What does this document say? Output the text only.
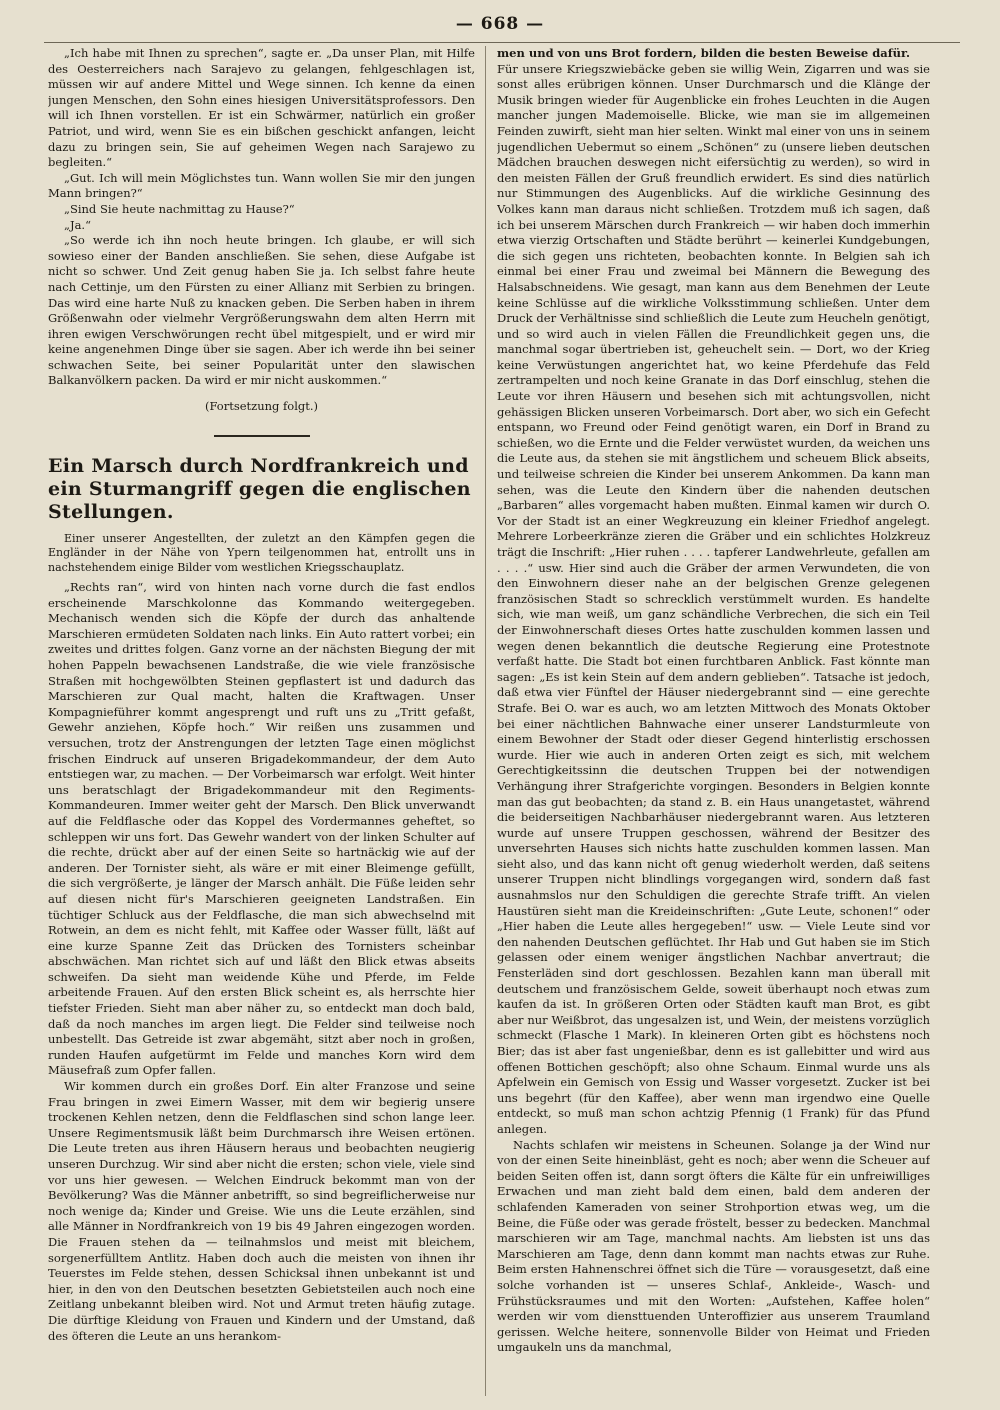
— 668 —

„Ich habe mit Ihnen zu sprechen“, sagte er. „Da unser Plan, mit Hilfe des Oesterreichers nach Sarajevo zu gelangen, fehlgeschlagen ist, müssen wir auf andere Mittel und Wege sinnen. Ich kenne da einen jungen Menschen, den Sohn eines hiesigen Universitätsprofessors. Den will ich Ihnen vorstellen. Er ist ein Schwärmer, natürlich ein großer Patriot, und wird, wenn Sie es ein bißchen geschickt anfangen, leicht dazu zu bringen sein, Sie auf geheimen Wegen nach Sarajewo zu begleiten.“

„Gut. Ich will mein Möglichstes tun. Wann wollen Sie mir den jungen Mann bringen?“

„Sind Sie heute nachmittag zu Hause?“

„Ja.“

„So werde ich ihn noch heute bringen. Ich glaube, er will sich sowieso einer der Banden anschließen. Sie sehen, diese Aufgabe ist nicht so schwer. Und Zeit genug haben Sie ja. Ich selbst fahre heute nach Cettinje, um den Fürsten zu einer Allianz mit Serbien zu bringen. Das wird eine harte Nuß zu knacken geben. Die Serben haben in ihrem Größenwahn oder vielmehr Vergrößerungswahn dem alten Herrn mit ihren ewigen Verschwörungen recht übel mitgespielt, und er wird mir keine angenehmen Dinge über sie sagen. Aber ich werde ihn bei seiner schwachen Seite, bei seiner Popularität unter den slawischen Balkanvölkern packen. Da wird er mir nicht auskommen.“

(Fortsetzung folgt.)

Ein Marsch durch Nordfrankreich und ein Sturmangriff gegen die englischen Stellungen.

Einer unserer Angestellten, der zuletzt an den Kämpfen gegen die Engländer in der Nähe von Ypern teilgenommen hat, entrollt uns in nachstehendem einige Bilder vom westlichen Kriegsschauplatz.

„Rechts ran“, wird von hinten nach vorne durch die fast endlos erscheinende Marschkolonne das Kommando weitergegeben. Mechanisch wenden sich die Köpfe der durch das anhaltende Marschieren ermüdeten Soldaten nach links. Ein Auto rattert vorbei; ein zweites und drittes folgen. Ganz vorne an der nächsten Biegung der mit hohen Pappeln bewachsenen Landstraße, die wie viele französische Straßen mit hochgewölbten Steinen gepflastert ist und dadurch das Marschieren zur Qual macht, halten die Kraftwagen. Unser Kompagnieführer kommt angesprengt und ruft uns zu „Tritt gefaßt, Gewehr anziehen, Köpfe hoch.“ Wir reißen uns zusammen und versuchen, trotz der Anstrengungen der letzten Tage einen möglichst frischen Eindruck auf unseren Brigadekommandeur, der dem Auto entstiegen war, zu machen. — Der Vorbeimarsch war erfolgt. Weit hinter uns beratschlagt der Brigadekommandeur mit den Regiments-Kommandeuren. Immer weiter geht der Marsch. Den Blick unverwandt auf die Feldflasche oder das Koppel des Vordermannes geheftet, so schleppen wir uns fort. Das Gewehr wandert von der linken Schulter auf die rechte, drückt aber auf der einen Seite so hartnäckig wie auf der anderen. Der Tornister sieht, als wäre er mit einer Bleimenge gefüllt, die sich vergrößerte, je länger der Marsch anhält. Die Füße leiden sehr auf diesen nicht für's Marschieren geeigneten Landstraßen. Ein tüchtiger Schluck aus der Feldflasche, die man sich abwechselnd mit Rotwein, an dem es nicht fehlt, mit Kaffee oder Wasser füllt, läßt auf eine kurze Spanne Zeit das Drücken des Tornisters scheinbar abschwächen. Man richtet sich auf und läßt den Blick etwas abseits schweifen. Da sieht man weidende Kühe und Pferde, im Felde arbeitende Frauen. Auf den ersten Blick scheint es, als herrschte hier tiefster Frieden. Sieht man aber näher zu, so entdeckt man doch bald, daß da noch manches im argen liegt. Die Felder sind teilweise noch unbestellt. Das Getreide ist zwar abgemäht, sitzt aber noch in großen, runden Haufen aufgetürmt im Felde und manches Korn wird dem Mäusefraß zum Opfer fallen.

Wir kommen durch ein großes Dorf. Ein alter Franzose und seine Frau bringen in zwei Eimern Wasser, mit dem wir begierig unsere trockenen Kehlen netzen, denn die Feldflaschen sind schon lange leer. Unsere Regimentsmusik läßt beim Durchmarsch ihre Weisen ertönen. Die Leute treten aus ihren Häusern heraus und beobachten neugierig unseren Durchzug. Wir sind aber nicht die ersten; schon viele, viele sind vor uns hier gewesen. — Welchen Eindruck bekommt man von der Bevölkerung? Was die Männer anbetrifft, so sind begreiflicherweise nur noch wenige da; Kinder und Greise. Wie uns die Leute erzählen, sind alle Männer in Nordfrankreich von 19 bis 49 Jahren eingezogen worden. Die Frauen stehen da — teilnahmslos und meist mit bleichem, sorgenerfülltem Antlitz. Haben doch auch die meisten von ihnen ihr Teuerstes im Felde stehen, dessen Schicksal ihnen unbekannt ist und hier, in den von den Deutschen besetzten Gebietsteilen auch noch eine Zeitlang unbekannt bleiben wird. Not und Armut treten häufig zutage. Die dürftige Kleidung von Frauen und Kindern und der Umstand, daß des öfteren die Leute an uns herankom-

men und von uns Brot fordern, bilden die besten Beweise dafür.

Für unsere Kriegszwiebäcke geben sie willig Wein, Zigarren und was sie sonst alles erübrigen können. Unser Durchmarsch und die Klänge der Musik bringen wieder für Augenblicke ein frohes Leuchten in die Augen mancher jungen Mademoiselle. Blicke, wie man sie im allgemeinen Feinden zuwirft, sieht man hier selten. Winkt mal einer von uns in seinem jugendlichen Uebermut so einem „Schönen“ zu (unsere lieben deutschen Mädchen brauchen deswegen nicht eifersüchtig zu werden), so wird in den meisten Fällen der Gruß freundlich erwidert. Es sind dies natürlich nur Stimmungen des Augenblicks. Auf die wirkliche Gesinnung des Volkes kann man daraus nicht schließen. Trotzdem muß ich sagen, daß ich bei unserem Märschen durch Frankreich — wir haben doch immerhin etwa vierzig Ortschaften und Städte berührt — keinerlei Kundgebungen, die sich gegen uns richteten, beobachten konnte. In Belgien sah ich einmal bei einer Frau und zweimal bei Männern die Bewegung des Halsabschneidens. Wie gesagt, man kann aus dem Benehmen der Leute keine Schlüsse auf die wirkliche Volksstimmung schließen. Unter dem Druck der Verhältnisse sind schließlich die Leute zum Heucheln genötigt, und so wird auch in vielen Fällen die Freundlichkeit gegen uns, die manchmal sogar übertrieben ist, geheuchelt sein. — Dort, wo der Krieg keine Verwüstungen angerichtet hat, wo keine Pferdehufe das Feld zertrampelten und noch keine Granate in das Dorf einschlug, stehen die Leute vor ihren Häusern und besehen sich mit achtungsvollen, nicht gehässigen Blicken unseren Vorbeimarsch. Dort aber, wo sich ein Gefecht entspann, wo Freund oder Feind genötigt waren, ein Dorf in Brand zu schießen, wo die Ernte und die Felder verwüstet wurden, da weichen uns die Leute aus, da stehen sie mit ängstlichem und scheuem Blick abseits, und teilweise schreien die Kinder bei unserem Ankommen. Da kann man sehen, was die Leute den Kindern über die nahenden deutschen „Barbaren“ alles vorgemacht haben mußten. Einmal kamen wir durch O. Vor der Stadt ist an einer Wegkreuzung ein kleiner Friedhof angelegt. Mehrere Lorbeerkränze zieren die Gräber und ein schlichtes Holzkreuz trägt die Inschrift: „Hier ruhen . . . . tapferer Landwehrleute, gefallen am . . . .“ usw. Hier sind auch die Gräber der armen Verwundeten, die von den Einwohnern dieser nahe an der belgischen Grenze gelegenen französischen Stadt so schrecklich verstümmelt wurden. Es handelte sich, wie man weiß, um ganz schändliche Verbrechen, die sich ein Teil der Einwohnerschaft dieses Ortes hatte zuschulden kommen lassen und wegen denen bekanntlich die deutsche Regierung eine Protestnote verfaßt hatte. Die Stadt bot einen furchtbaren Anblick. Fast könnte man sagen: „Es ist kein Stein auf dem andern geblieben“. Tatsache ist jedoch, daß etwa vier Fünftel der Häuser niedergebrannt sind — eine gerechte Strafe. Bei O. war es auch, wo am letzten Mittwoch des Monats Oktober bei einer nächtlichen Bahnwache einer unserer Landsturmleute von einem Bewohner der Stadt oder dieser Gegend hinterlistig erschossen wurde. Hier wie auch in anderen Orten zeigt es sich, mit welchem Gerechtigkeitssinn die deutschen Truppen bei der notwendigen Verhängung ihrer Strafgerichte vorgingen. Besonders in Belgien konnte man das gut beobachten; da stand z. B. ein Haus unangetastet, während die beiderseitigen Nachbarhäuser niedergebrannt waren. Aus letzteren wurde auf unsere Truppen geschossen, während der Besitzer des unversehrten Hauses sich nichts hatte zuschulden kommen lassen. Man sieht also, und das kann nicht oft genug wiederholt werden, daß seitens unserer Truppen nicht blindlings vorgegangen wird, sondern daß fast ausnahmslos nur den Schuldigen die gerechte Strafe trifft. An vielen Haustüren sieht man die Kreideinschriften: „Gute Leute, schonen!“ oder „Hier haben die Leute alles hergegeben!“ usw. — Viele Leute sind vor den nahenden Deutschen geflüchtet. Ihr Hab und Gut haben sie im Stich gelassen oder einem weniger ängstlichen Nachbar anvertraut; die Fensterläden sind dort geschlossen. Bezahlen kann man überall mit deutschem und französischem Gelde, soweit überhaupt noch etwas zum kaufen da ist. In größeren Orten oder Städten kauft man Brot, es gibt aber nur Weißbrot, das ungesalzen ist, und Wein, der meistens vorzüglich schmeckt (Flasche 1 Mark). In kleineren Orten gibt es höchstens noch Bier; das ist aber fast ungenießbar, denn es ist gallebitter und wird aus offenen Bottichen geschöpft; also ohne Schaum. Einmal wurde uns als Apfelwein ein Gemisch von Essig und Wasser vorgesetzt. Zucker ist bei uns begehrt (für den Kaffee), aber wenn man irgendwo eine Quelle entdeckt, so muß man schon achtzig Pfennig (1 Frank) für das Pfund anlegen.

Nachts schlafen wir meistens in Scheunen. Solange ja der Wind nur von der einen Seite hineinbläst, geht es noch; aber wenn die Scheuer auf beiden Seiten offen ist, dann sorgt öfters die Kälte für ein unfreiwilliges Erwachen und man zieht bald dem einen, bald dem anderen der schlafenden Kameraden von seiner Strohportion etwas weg, um die Beine, die Füße oder was gerade fröstelt, besser zu bedecken. Manchmal marschieren wir am Tage, manchmal nachts. Am liebsten ist uns das Marschieren am Tage, denn dann kommt man nachts etwas zur Ruhe. Beim ersten Hahnenschrei öffnet sich die Türe — vorausgesetzt, daß eine solche vorhanden ist — unseres Schlaf-, Ankleide-, Wasch- und Frühstücksraumes und mit den Worten: „Aufstehen, Kaffee holen“ werden wir vom diensttuenden Unteroffizier aus unserem Traumland gerissen. Welche heitere, sonnenvolle Bilder von Heimat und Frieden umgaukeln uns da manchmal,
